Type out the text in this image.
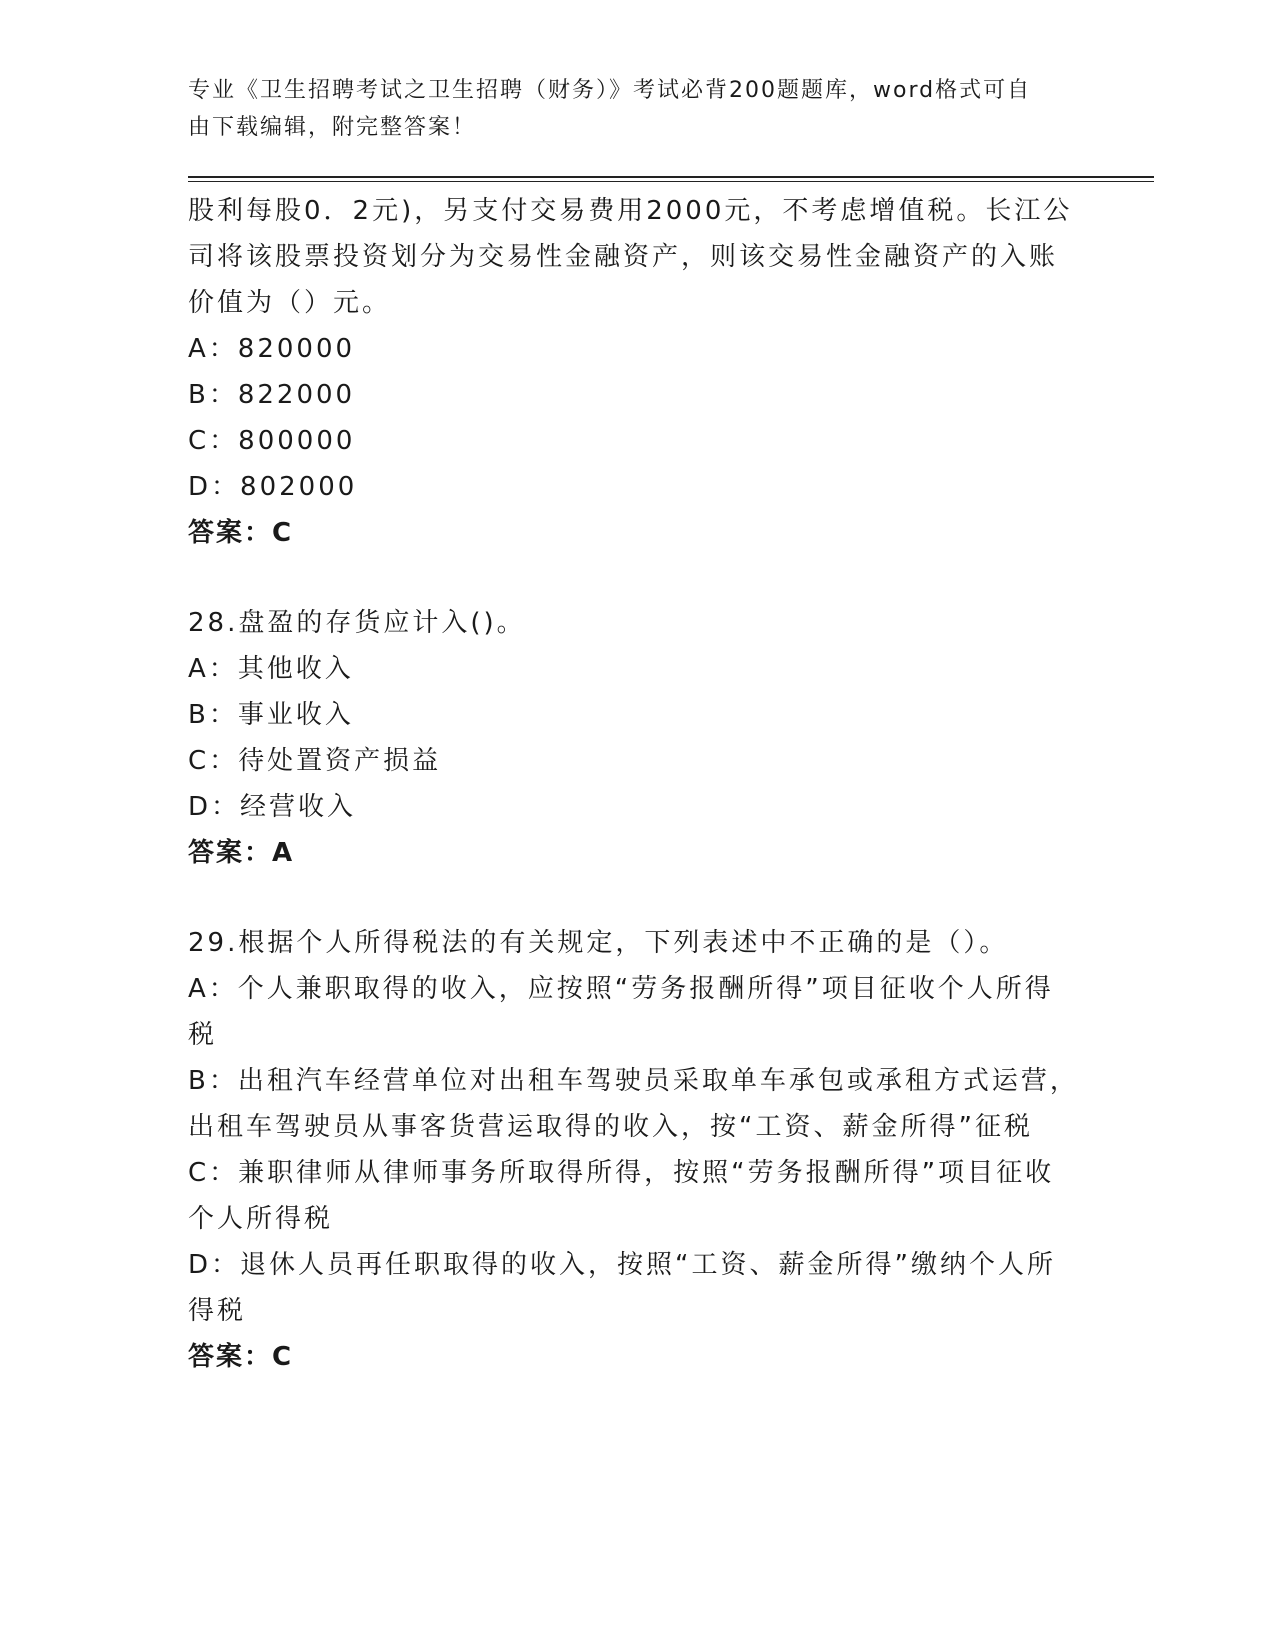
专业《卫生招聘考试之卫生招聘（财务）》考试必背200题题库，word格式可自
由下载编辑，附完整答案！
股利每股0．2元)，另支付交易费用2000元，不考虑增值税。长江公
司将该股票投资划分为交易性金融资产，则该交易性金融资产的入账
价值为（）元。
A：820000
B：822000
C：800000
D：802000
答案：C
28.盘盈的存货应计入()。
A：其他收入
B：事业收入
C：待处置资产损益
D：经营收入
答案：A
29.根据个人所得税法的有关规定，下列表述中不正确的是（）。
A：个人兼职取得的收入，应按照“劳务报酬所得”项目征收个人所得
税
B：出租汽车经营单位对出租车驾驶员采取单车承包或承租方式运营，
出租车驾驶员从事客货营运取得的收入，按“工资、薪金所得”征税
C：兼职律师从律师事务所取得所得，按照“劳务报酬所得”项目征收
个人所得税
D：退休人员再任职取得的收入，按照“工资、薪金所得”缴纳个人所
得税
答案：C
